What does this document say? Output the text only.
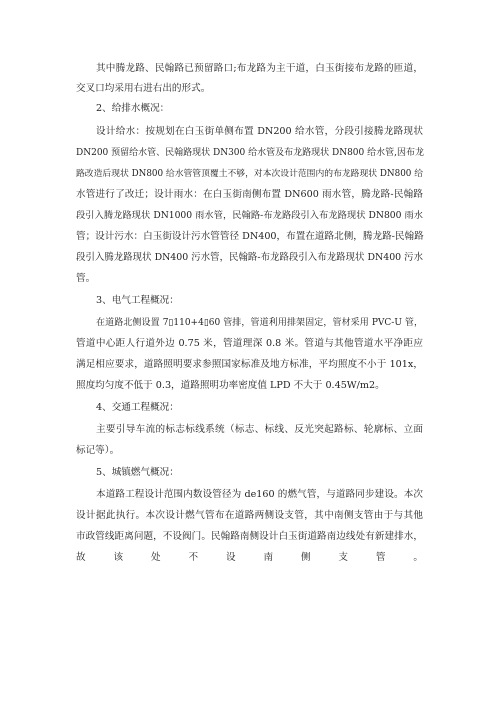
其中腾龙路、民翰路已预留路口;布龙路为主干道，白玉街接布龙路的匝道，
交叉口均采用右进右出的形式。
2、给排水概况：
设计给水：按规划在白玉街单侧布置 DN200 给水管，分段引接腾龙路现状
DN200 预留给水管、民翰路现状 DN300 给水管及布龙路现状 DN800 给水管,因布龙
路改造后现状 DN800 给水管管顶覆土不够，对本次设计范围内的布龙路现状 DN800 给
水管进行了改迁；设计雨水：在白玉街南侧布置 DN600 雨水管，腾龙路-民翰路
段引入腾龙路现状 DN1000 雨水管，民翰路-布龙路段引入布龙路现状 DN800 雨水
管；设计污水：白玉街设计污水管管径 DN400，布置在道路北侧，腾龙路-民翰路
段引入腾龙路现状 DN400 污水管，民翰路-布龙路段引入布龙路现状 DN400 污水
管。
3、电气工程概况：
在道路北侧设置 7▯110+4▯60 管排，管道利用排架固定，管材采用 PVC-U 管，
管道中心距人行道外边 0.75 米，管道理深 0.8 米。管道与其他管道水平净距应
满足相应要求，道路照明要求参照国家标准及地方标准，平均照度不小于 101x，
照度均匀度不低于 0.3，道路照明功率密度值 LPD 不大于 0.45W/m2。
4、交通工程概况：
主要引导车流的标志标线系统（标志、标线、反光突起路标、轮廓标、立面
标记等）。
5、城镇燃气概况：
本道路工程设计范围内数设管径为 de160 的燃气管，与道路同步建设。本次
设计据此执行。本次设计燃气管布在道路两侧设支管，其中南侧支管由于与其他
市政管线距离问题，不设阀门。民翰路南侧设计白玉街道路南边线处有新建排水，
故该处不设南侧支管。
